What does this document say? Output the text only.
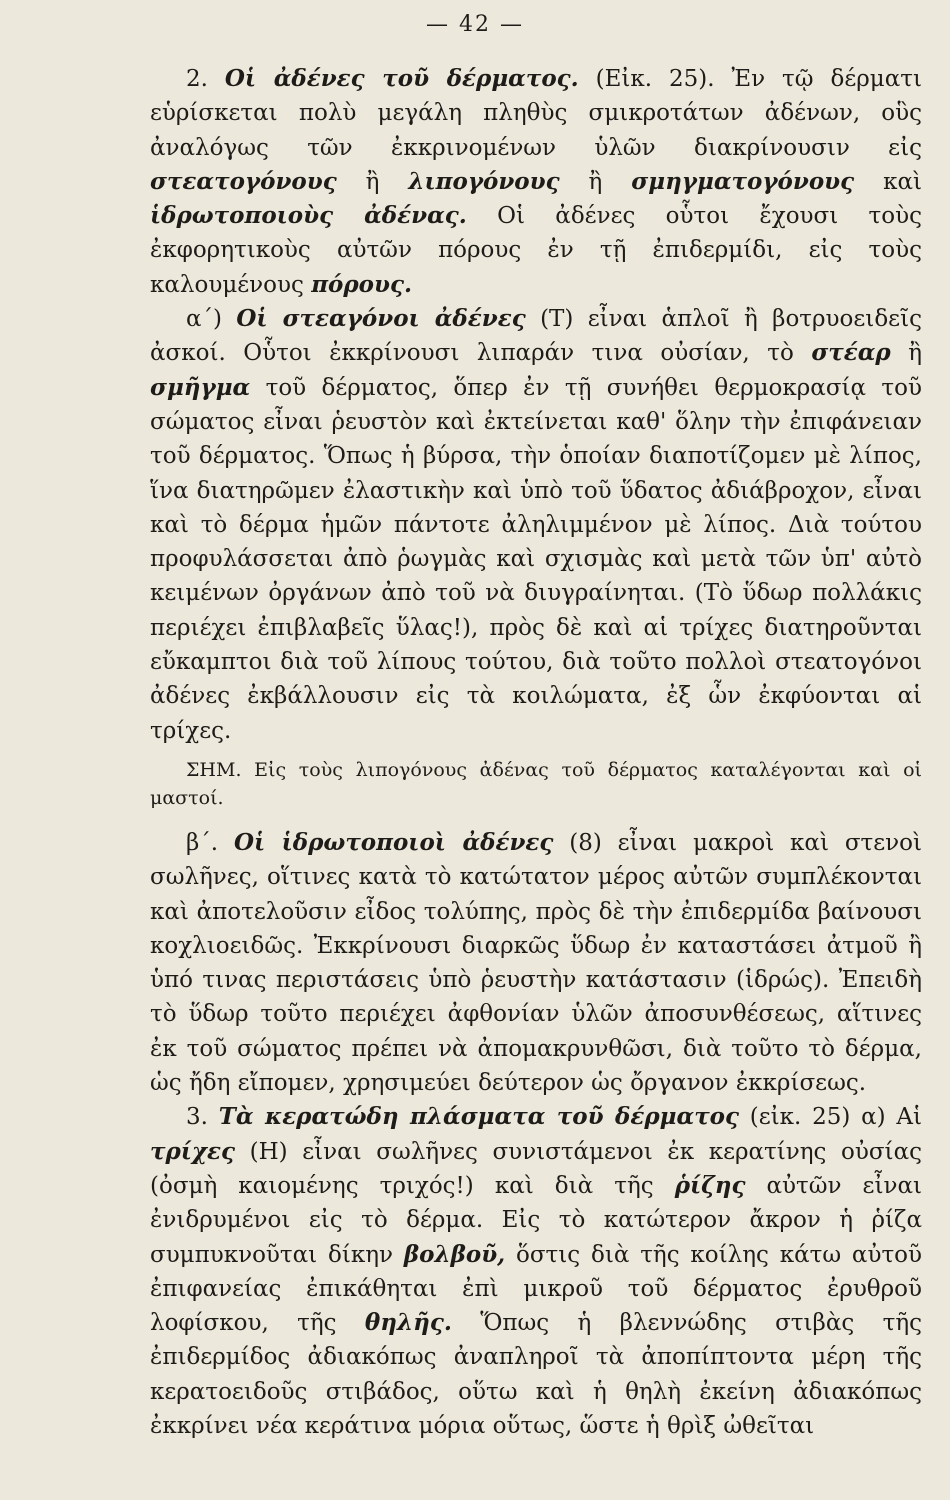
— 42 —

2. Οἱ ἀδένες τοῦ δέρματος. (Εἰκ. 25). Ἐν τῷ δέρματι εὑρίσκεται πολὺ μεγάλη πληθὺς σμικροτάτων ἀδένων, οὓς ἀναλόγως τῶν ἐκκρινομένων ὑλῶν διακρίνουσιν εἰς στεατογόνους ἢ λιπογόνους ἢ σμηγματογόνους καὶ ἱδρωτοποιοὺς ἀδένας. Οἱ ἀδένες οὗτοι ἔχουσι τοὺς ἐκφορητικοὺς αὐτῶν πόρους ἐν τῇ ἐπιδερμίδι, εἰς τοὺς καλουμένους πόρους.

α΄) Οἱ στεαγόνοι ἀδένες (Τ) εἶναι ἁπλοῖ ἢ βοτρυοειδεῖς ἀσκοί. Οὗτοι ἐκκρίνουσι λιπαράν τινα οὐσίαν, τὸ στέαρ ἢ σμῆγμα τοῦ δέρματος, ὅπερ ἐν τῇ συνήθει θερμοκρασίᾳ τοῦ σώματος εἶναι ῥευστὸν καὶ ἐκτείνεται καθ' ὅλην τὴν ἐπιφάνειαν τοῦ δέρματος. Ὅπως ἡ βύρσα, τὴν ὁποίαν διαποτίζομεν μὲ λίπος, ἵνα διατηρῶμεν ἐλαστικὴν καὶ ὑπὸ τοῦ ὕδατος ἀδιάβροχον, εἶναι καὶ τὸ δέρμα ἡμῶν πάντοτε ἀληλιμμένον μὲ λίπος. Διὰ τούτου προφυλάσσεται ἀπὸ ῥωγμὰς καὶ σχισμὰς καὶ μετὰ τῶν ὑπ' αὐτὸ κειμένων ὀργάνων ἀπὸ τοῦ νὰ διυγραίνηται. (Τὸ ὕδωρ πολλάκις περιέχει ἐπιβλαβεῖς ὕλας!), πρὸς δὲ καὶ αἱ τρίχες διατηροῦνται εὔκαμπτοι διὰ τοῦ λίπους τούτου, διὰ τοῦτο πολλοὶ στεατογόνοι ἀδένες ἐκβάλλουσιν εἰς τὰ κοιλώματα, ἐξ ὧν ἐκφύονται αἱ τρίχες.

ΣΗΜ. Εἰς τοὺς λιπογόνους ἀδένας τοῦ δέρματος καταλέγονται καὶ οἱ μαστοί.

β΄. Οἱ ἱδρωτοποιοὶ ἀδένες (8) εἶναι μακροὶ καὶ στενοὶ σωλῆνες, οἵτινες κατὰ τὸ κατώτατον μέρος αὐτῶν συμπλέκονται καὶ ἀποτελοῦσιν εἶδος τολύπης, πρὸς δὲ τὴν ἐπιδερμίδα βαίνουσι κοχλιοειδῶς. Ἐκκρίνουσι διαρκῶς ὕδωρ ἐν καταστάσει ἀτμοῦ ἢ ὑπό τινας περιστάσεις ὑπὸ ῥευστὴν κατάστασιν (ἱδρώς). Ἐπειδὴ τὸ ὕδωρ τοῦτο περιέχει ἀφθονίαν ὑλῶν ἀποσυνθέσεως, αἵτινες ἐκ τοῦ σώματος πρέπει νὰ ἀπομακρυνθῶσι, διὰ τοῦτο τὸ δέρμα, ὡς ἤδη εἴπομεν, χρησιμεύει δεύτερον ὡς ὄργανον ἐκκρίσεως.

3. Τὰ κερατώδη πλάσματα τοῦ δέρματος (εἰκ. 25) α) Αἱ τρίχες (Η) εἶναι σωλῆνες συνιστάμενοι ἐκ κερατίνης οὐσίας (ὀσμὴ καιομένης τριχός!) καὶ διὰ τῆς ῥίζης αὐτῶν εἶναι ἐνιδρυμένοι εἰς τὸ δέρμα. Εἰς τὸ κατώτερον ἄκρον ἡ ῥίζα συμπυκνοῦται δίκην βολβοῦ, ὅστις διὰ τῆς κοίλης κάτω αὐτοῦ ἐπιφανείας ἐπικάθηται ἐπὶ μικροῦ τοῦ δέρματος ἐρυθροῦ λοφίσκου, τῆς θηλῆς. Ὅπως ἡ βλεννώδης στιβὰς τῆς ἐπιδερμίδος ἀδιακόπως ἀναπληροῖ τὰ ἀποπίπτοντα μέρη τῆς κερατοειδοῦς στιβάδος, οὕτω καὶ ἡ θηλὴ ἐκείνη ἀδιακόπως ἐκκρίνει νέα κεράτινα μόρια οὕτως, ὥστε ἡ θρὶξ ὠθεῖται
